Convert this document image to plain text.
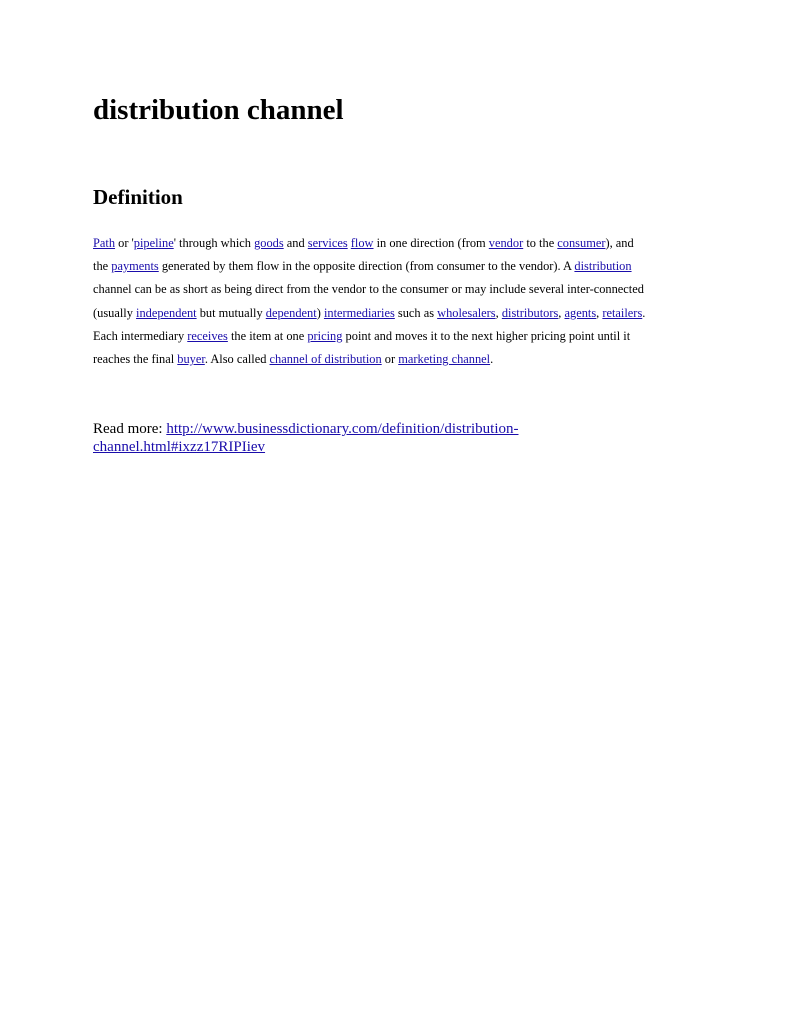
distribution channel
Definition

Path or 'pipeline' through which goods and services flow in one direction (from vendor to the consumer), and
the payments generated by them flow in the opposite direction (from consumer to the vendor). A distribution
channel can be as short as being direct from the vendor to the consumer or may include several inter-connected
(usually independent but mutually dependent) intermediaries such as wholesalers, distributors, agents, retailers.
Each intermediary receives the item at one pricing point and moves it to the next higher pricing point until it
reaches the final buyer. Also called channel of distribution or marketing channel.

Read more: http://www.businessdictionary.com/definition/distribution-
channel.html#ixzz17RIPIiev
